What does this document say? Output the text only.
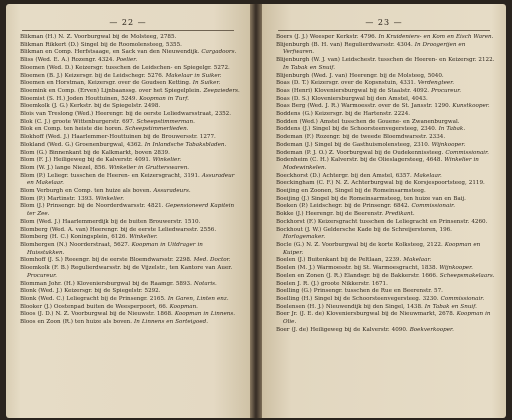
— 22 —
Blikman (H.) N. Z. Voorburgwal bij de Molsteeg, 2785.
Blikman Rikkert (D.) Singel bij de Roomolensteeg, 5355.
Blikman en Comp. Herfstsaage, en Sack van den Nieuwendijk. Cargadoors.
Bliss (Wed. E. A.) Rozengr. 4324. Poelier.
Bloemen (Wed. D.) Keizersgr. tusschen de Leidschen- en Spiegelgr. 5272.
Bloemen (B. J.) Keizersgr. bij de Leidschegr. 5276. Makelaar in Suiker.
Bloemen en Horstman, Keizersgr. over de Goudsen Ketting. In Suiker.
Bloemink en Comp. (Erven) Lijnbaanssg. over het Spiegelplein. Zeepzieders.
Bloemist (S. H.) Joden Houttuinen, 5249. Koopman in Turf.
Bloemkolk (J. G.) Kerkstr. bij de Spiegelstr. 2498.
Blois van Treslong (Wed.) Heerengr. bij de oerste Leliedwarsstraat, 2352.
Blok (C. J.) groote Wittenburgerstr. 697. Scheepstimmerman.
Blok en Comp. ten heiste die horen. Scheepstimmerlieden.
Blokhoff (Wed. J.) Haarlemmer-Houttuinen bij de Brouwersstr. 1277.
Blokland (Wed. G.) Groenenburgwal, 4362. In Inlandsche Tabaksbladen.
Blom (G.) Binnenkant bij de Kalkmarkt, boven 2839.
Blom (F. J.) Heiligeweg bij de Kalverstr. 4091. Winkelier.
Blom (W. J.) lange Niezel, 856. Winkelier in Grutterswaren.
Blom (P.) Leliegr. tusschen de Heeren- en Keizersgracht, 3191. Assuradeur en Makelaar.
Blom Verburgh en Comp. ten huize als boven. Assuradeurs.
Blom (P.) Martinstr. 1393. Winkelier.
Blom (J.) Prinsengr. bij de Noorderdwarsstr. 4821. Gepensioneerd Kapitein ter Zee.
Blom (Wed. J.) Haarlemmerdijk bij de buiten Brouwerstr. 1510.
Blomberg (Wed. A. van) Heerengr. bij de eerste Leliedwarsstr. 2556.
Blomberg (H. C.) Koningsplein, 6126. Winkelier.
Blomhergen (N.) Noorderstraat, 5627. Koopman in Uitdrager in Huisstukken.
Blomhoff (J. S.) Reeengr. bij de eerste Bloemdwarsstr. 2298. Med. Doctor.
Bloemkolk (F. B.) Regulierdwarsstr. bij de Vijzelstr., ten Kantore van Auer. Procureur.
Blomman Johr. (H.) Kloveniersburgwal bij de Raamgr. 5893. Notaris.
Blonk (Wed. J.) Keizersgr. bij de Spiegelstr. 5292.
Blonk (Wed. C.) Leliegracht bij de Prinsengr. 2165. In Garen, Linten enz.
Blooker (J.) Oostenpad buiten de Weesperpoort, 66. Koopman.
Bloos (J. D.) N. Z. Voorburgwal bij de Nieuwstr. 1868. Koopman in Linnens.
Bloos en Zoon (R.) ten huize als boven. In Linnens en Sorteigoed.
— 23 —
Boers (J. J.) Weesper Kerkstr. 4796. In Kruideniers- en Kom en Eisch Waren.
Blijenburgh (B. H. van) Regulierdwarsstr. 4304. In Droogerijen en Verfwaren.
Blijenburgh (W. J. van) Leidschestr. tusschen de Heeren- en Keizersgr. 2122. In Tabak en Snuif.
Blijenburgh (Wed. J. van) Heerengr. bij de Molsteeg, 5040.
Boas (D. T.) Keizersgr. over de Kopsnstuin, 4331. Verdengteer.
Boas (Henri) Kloveniersburgwal bij de Staalstr. 4092. Procureur.
Boas (D. S.) Kloveniersburgwal bij den Amstel, 4043.
Boas Berg (Wed. J. R.) Warmoesstr. over de St. Jansstr. 1290. Kunstkooper.
Boddens (G.) Keizersgr. bij de Hartenstr. 2224.
Bodden (Wed.) Amstel tusschen de Gouene- en Zwanenburgwal.
Boddens (J.) Singel bij de Schoorsteenvegersteeg, 2340. In Tabak.
Bodeman (F.) Rozengr. bij de tweede Bloemdwarsstr. 2334.
Bodeman (J.) Singel bij de Gasthuismolensteeg, 2310. Wijnkooper.
Bodeman (P. J. O.) Z. Voorburgwal bij de Oudekennissteeg. Commissionair.
Bodenheim (C. H.) Kalverstr. bij de Olieslagersteeg, 4648. Winkelier in Modewinkelen.
Boeckhorst (D.) Achtergr. bij den Amstel, 6357. Makelaar.
Boeckingham (C. F.) N. Z. Achterburgwal bij de Korsjespoortsteeg, 2119.
Boeijing en Zoonen, Singel bij de Romeinsarmsteeg.
Boeijing (J.) Singel bij de Romeinsarmsteeg, ten huize van en Baij.
Boeken (P.) Leidschegr. bij de Prinsengr. 6842. Commissionair.
Bokke (J.) Heerengr. bij de Beerenstr. Predikant.
Bockhorst (F.) Keizersgracht tusschen de Leliegracht en Prinsenstr. 4260.
Bockhout (J. W.) Geldersche Kade bij de Schreijerstoren, 196. Horlogemaker.
Bocle (G.) N. Z. Voorburgwal bij de korte Kolksteeg, 2122. Koopman en Kuiper.
Boelen (J.) Buitenkant bij de Peltlaan, 2239. Makelaar.
Boelen (M. J.) Warmoesstr. bij St. Warmoesgracht, 1838. Wijnkooper.
Boelen en Zonen (J. R.) Elandsgr. bij de Bakkerstr. 1666. Scheepsmakelaars.
Boelen J. R. (J.) groote Nikkerstr. 1671.
Boelling (G.) Prinsengr. tusschen de Rue en Beerenstr. 57.
Boelling (H.) Singel bij de Schoorsteenvegersteeg. 3230. Commissionair.
Boelensen (H. J.) Nieuwendijk bij den Singel, 1438. In Tabak en Snuif.
Boer Jr. (J. E. de) Kloveniersburgwal bij de Nieuwmarkt, 2678. Koopman in Olie.
Boer (J. de) Heiligeweg bij de Kalverstr. 4090. Boekverkooper.
